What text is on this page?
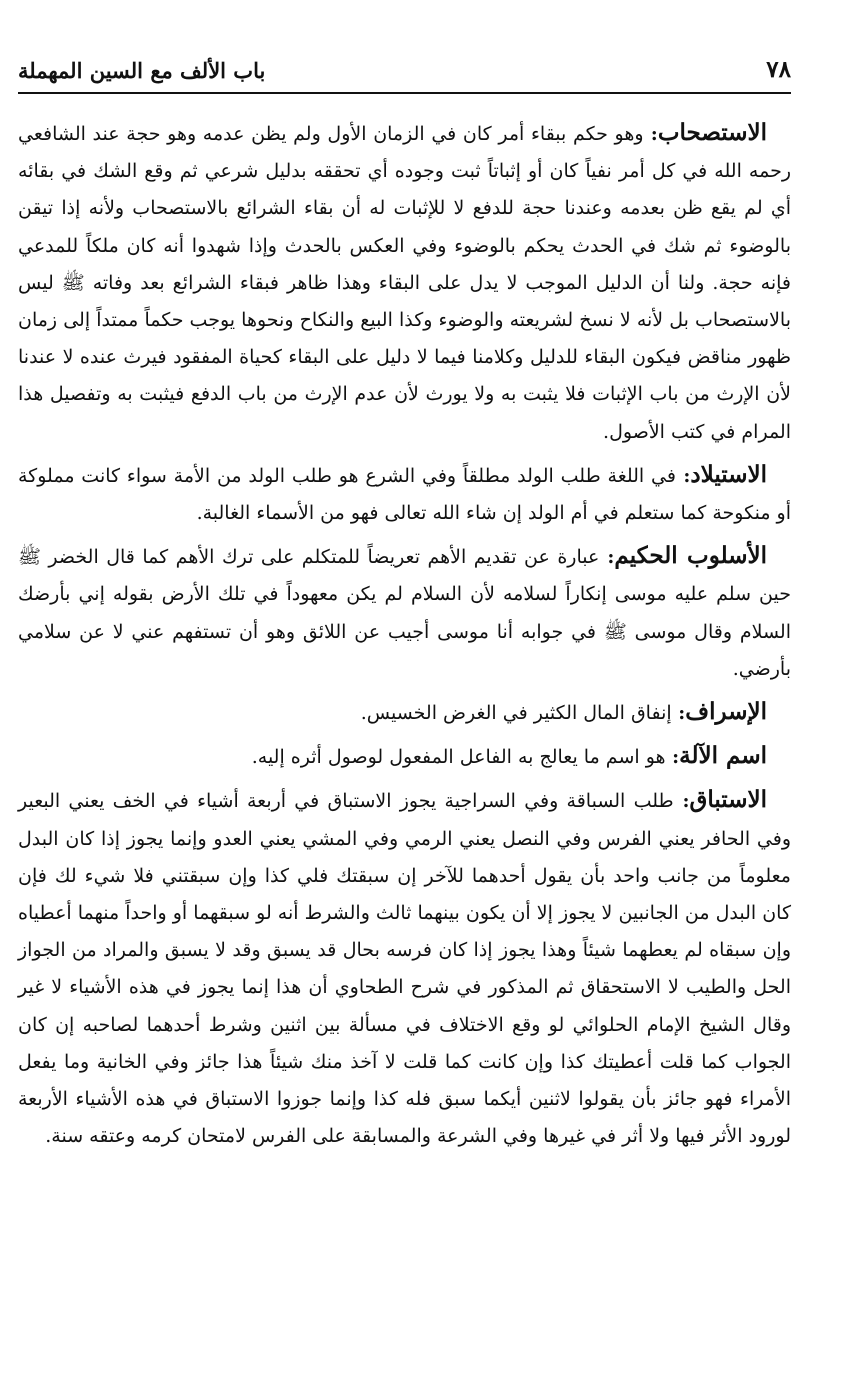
باب الألف مع السين المهملة	٧٨

الاستصحاب: وهو حكم ببقاء أمر كان في الزمان الأول ولم يظن عدمه وهو حجة عند الشافعي رحمه الله في كل أمر نفياً كان أو إثباتاً ثبت وجوده أي تحققه بدليل شرعي ثم وقع الشك في بقائه أي لم يقع ظن بعدمه وعندنا حجة للدفع لا للإثبات له أن بقاء الشرائع بالاستصحاب ولأنه إذا تيقن بالوضوء ثم شك في الحدث يحكم بالوضوء وفي العكس بالحدث وإذا شهدوا أنه كان ملكاً للمدعي فإنه حجة. ولنا أن الدليل الموجب لا يدل على البقاء وهذا ظاهر فبقاء الشرائع بعد وفاته ﷺ ليس بالاستصحاب بل لأنه لا نسخ لشريعته والوضوء وكذا البيع والنكاح ونحوها يوجب حكماً ممتداً إلى زمان ظهور مناقض فيكون البقاء للدليل وكلامنا فيما لا دليل على البقاء كحياة المفقود فيرث عنده لا عندنا لأن الإرث من باب الإثبات فلا يثبت به ولا يورث لأن عدم الإرث من باب الدفع فيثبت به وتفصيل هذا المرام في كتب الأصول.

الاستيلاد: في اللغة طلب الولد مطلقاً وفي الشرع هو طلب الولد من الأمة سواء كانت مملوكة أو منكوحة كما ستعلم في أم الولد إن شاء الله تعالى فهو من الأسماء الغالبة.

الأسلوب الحكيم: عبارة عن تقديم الأهم تعريضاً للمتكلم على ترك الأهم كما قال الخضر ﷺ حين سلم عليه موسى إنكاراً لسلامه لأن السلام لم يكن معهوداً في تلك الأرض بقوله إني بأرضك السلام وقال موسى ﷺ في جوابه أنا موسى أجيب عن اللائق وهو أن تستفهم عني لا عن سلامي بأرضي.

الإسراف: إنفاق المال الكثير في الغرض الخسيس.

اسم الآلة: هو اسم ما يعالج به الفاعل المفعول لوصول أثره إليه.

الاستباق: طلب السباقة وفي السراجية يجوز الاستباق في أربعة أشياء في الخف يعني البعير وفي الحافر يعني الفرس وفي النصل يعني الرمي وفي المشي يعني العدو وإنما يجوز إذا كان البدل معلوماً من جانب واحد بأن يقول أحدهما للآخر إن سبقتك فلي كذا وإن سبقتني فلا شيء لك فإن كان البدل من الجانبين لا يجوز إلا أن يكون بينهما ثالث والشرط أنه لو سبقهما أو واحداً منهما أعطياه وإن سبقاه لم يعطهما شيئاً وهذا يجوز إذا كان فرسه بحال قد يسبق وقد لا يسبق والمراد من الجواز الحل والطيب لا الاستحقاق ثم المذكور في شرح الطحاوي أن هذا إنما يجوز في هذه الأشياء لا غير وقال الشيخ الإمام الحلوائي لو وقع الاختلاف في مسألة بين اثنين وشرط أحدهما لصاحبه إن كان الجواب كما قلت أعطيتك كذا وإن كانت كما قلت لا آخذ منك شيئاً هذا جائز وفي الخانية وما يفعل الأمراء فهو جائز بأن يقولوا لاثنين أيكما سبق فله كذا وإنما جوزوا الاستباق في هذه الأشياء الأربعة لورود الأثر فيها ولا أثر في غيرها وفي الشرعة والمسابقة على الفرس لامتحان كرمه وعتقه سنة.
